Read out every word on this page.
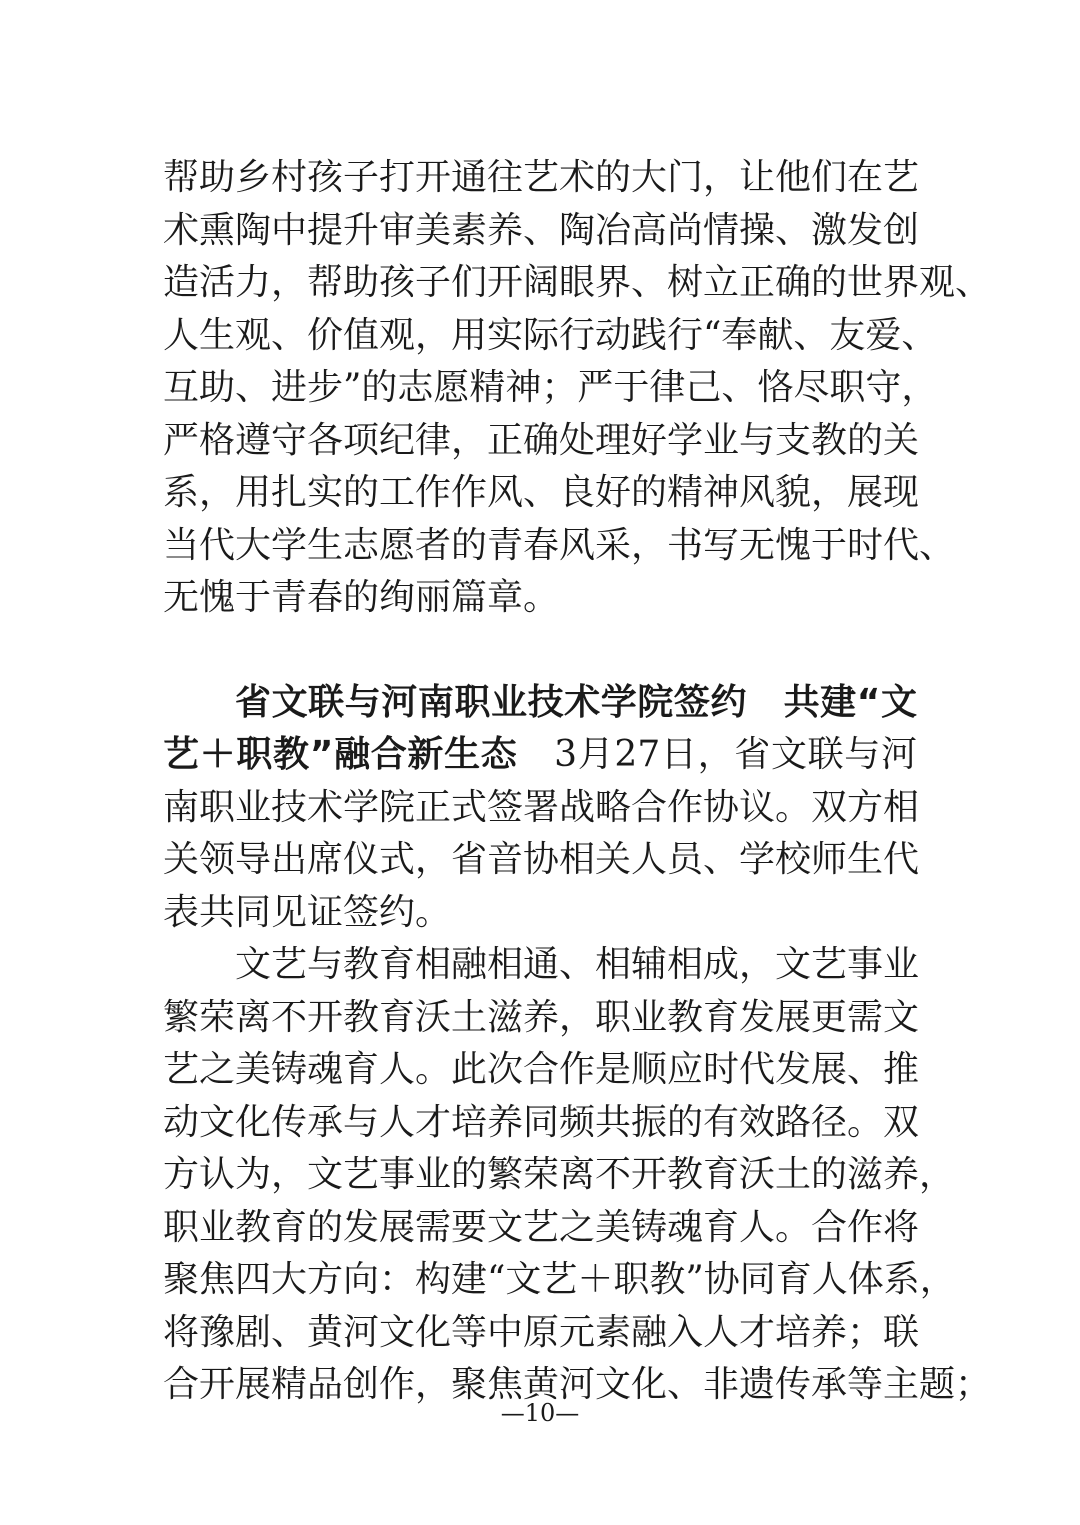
帮助乡村孩子打开通往艺术的大门，让他们在艺
术熏陶中提升审美素养、陶冶高尚情操、激发创
造活力，帮助孩子们开阔眼界、树立正确的世界观、
人生观、价值观，用实际行动践行“奉献、友爱、
互助、进步”的志愿精神；严于律己、恪尽职守，
严格遵守各项纪律，正确处理好学业与支教的关
系，用扎实的工作作风、良好的精神风貌，展现
当代大学生志愿者的青春风采，书写无愧于时代、
无愧于青春的绚丽篇章。
省文联与河南职业技术学院签约　共建“文
艺＋职教”融合新生态　3月27日，省文联与河
南职业技术学院正式签署战略合作协议。双方相
关领导出席仪式，省音协相关人员、学校师生代
表共同见证签约。
文艺与教育相融相通、相辅相成，文艺事业
繁荣离不开教育沃土滋养，职业教育发展更需文
艺之美铸魂育人。此次合作是顺应时代发展、推
动文化传承与人才培养同频共振的有效路径。双
方认为，文艺事业的繁荣离不开教育沃土的滋养，
职业教育的发展需要文艺之美铸魂育人。合作将
聚焦四大方向：构建“文艺＋职教”协同育人体系，
将豫剧、黄河文化等中原元素融入人才培养；联
合开展精品创作，聚焦黄河文化、非遗传承等主题；
—10—
